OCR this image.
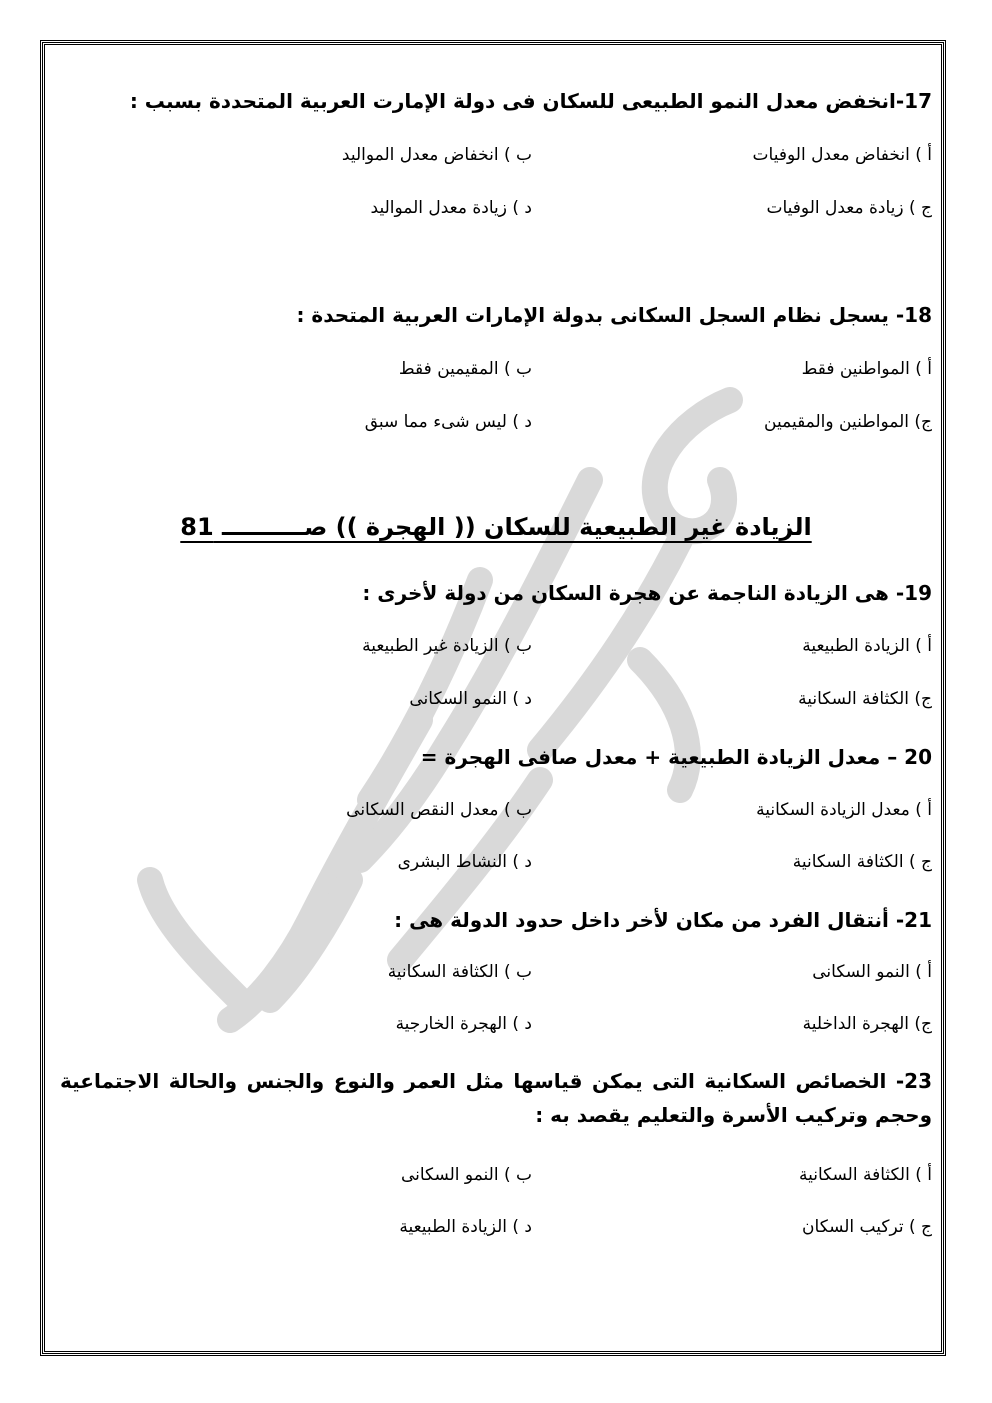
17-انخفض معدل النمو الطبيعى للسكان فى دولة الإمارت العربية المتحددة بسبب :
أ ) انخفاض معدل الوفيات
ب ) انخفاض معدل المواليد
ج ) زيادة معدل الوفيات
د ) زيادة معدل المواليد
18- يسجل نظام السجل السكانى بدولة الإمارات العربية المتحدة :
أ ) المواطنين فقط
ب ) المقيمين فقط
ج) المواطنين والمقيمين
د ) ليس شىء مما سبق
الزيادة غير الطبيعية للسكان (( الهجرة )) صــــــــــ 81
19- هى الزيادة الناجمة عن هجرة السكان من دولة لأخرى :
أ ) الزيادة الطبيعية
ب ) الزيادة غير الطبيعية
ج) الكثافة السكانية
د ) النمو السكانى
20 – معدل الزيادة الطبيعية + معدل صافى الهجرة =
أ ) معدل الزيادة السكانية
ب ) معدل النقص السكانى
ج ) الكثافة السكانية
د ) النشاط البشرى
21- أنتقال الفرد من مكان لأخر داخل حدود الدولة هى :
أ ) النمو السكانى
ب ) الكثافة السكانية
ج) الهجرة الداخلية
د ) الهجرة الخارجية
23- الخصائص السكانية التى يمكن قياسها مثل العمر والنوع والجنس والحالة الاجتماعية وحجم وتركيب الأسرة والتعليم يقصد به :
أ ) الكثافة السكانية
ب ) النمو السكانى
ج ) تركيب السكان
د ) الزيادة الطبيعية
